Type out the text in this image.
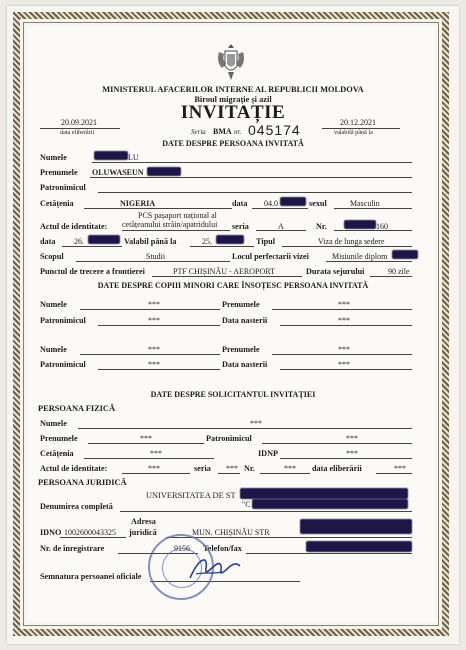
MINISTERUL AFACERILOR INTERNE AL REPUBLICII MOLDOVA
Biroul migrație și azil
INVITAȚIE
20.09.2021
data eliberării	Seria BMA nr. 045174	20.12.2021
valabilă până la
DATE DESPRE PERSOANA INVITATĂ
Numele	LU
Prenumele OLUWASEUN
Patronimicul
Cetățenia	NIGERIA	data 04.0	sexul	Masculin
Actul de identitate:
PCS pașaport național al
cetățeanului străin/apatridului seria	A	Nr.	160
data 26.	Valabil până la	25.	Tipul	Viza de lunga sedere
Scopul	Studii	Locul perfectarii vizei	Misiunile diplom
Punctul de trecere a frontierei	PTF CHIȘINĂU - AEROPORT	Durata sejurului	90 zile
DATE DESPRE COPIII MINORI CARE ÎNSOȚESC PERSOANA INVITATĂ
Numele	***	Prenumele	***
Patronimicul	***	Data nasterii	***
Numele	***	Prenumele	***
Patronimicul	***	Data nasterii	***
DATE DESPRE SOLICITANTUL INVITAȚIEI
PERSOANA FIZICĂ
Numele	***
Prenumele	***	Patronimicul	***
Cetățenia	***	IDNP	***
Actul de identitate:	***	seria *** Nr.	*** data eliberării	***
PERSOANA JURIDICĂ
UNIVERSITATEA DE ST
Denumirea completă	"C
IDNO 1002600043325
Adresa
juridică	MUN. CHIȘINĂU STR
Nr. de înregistrare	9156 Telefon/fax
Semnatura persoanei oficiale
